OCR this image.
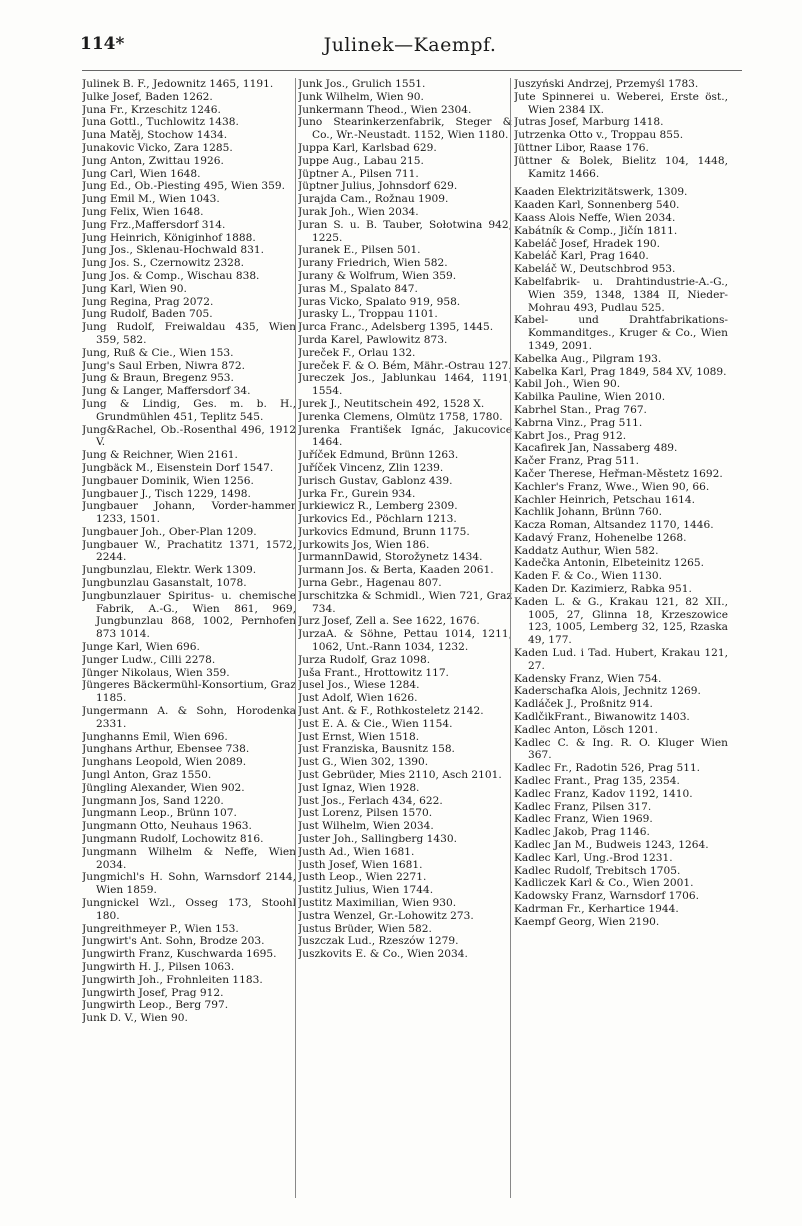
114*	Julinek—Kaempf.

Julinek B. F., Jedownitz 1465, 1191.

Julke Josef, Baden 1262.

Juna Fr., Krzeschitz 1246.

Juna Gottl., Tuchlowitz 1438.

Juna Matěj, Stochow 1434.

Junakovic Vicko, Zara 1285.

Jung Anton, Zwittau 1926.

Jung Carl, Wien 1648.

Jung Ed., Ob.-Piesting 495, Wien 359.

Jung Emil M., Wien 1043.

Jung Felix, Wien 1648.

Jung Frz.,Maffersdorf 314.

Jung Heinrich, Königinhof 1888.

Jung Jos., Sklenau-Hochwald 831.

Jung Jos. S., Czernowitz 2328.

Jung Jos. & Comp., Wischau 838.

Jung Karl, Wien 90.

Jung Regina, Prag 2072.

Jung Rudolf, Baden 705.

Jung Rudolf, Freiwaldau 435, Wien 359, 582.

Jung, Ruß & Cie., Wien 153.

Jung's Saul Erben, Niwra 872.

Jung & Braun, Bregenz 953.

Jung & Langer, Maffersdorf 34.

Jung & Lindig, Ges. m. b. H., Grundmühlen 451, Teplitz 545.

Jung&Rachel, Ob.-Rosenthal 496, 1912 V.

Jung & Reichner, Wien 2161.

Jungbäck M., Eisenstein Dorf 1547.

Jungbauer Dominik, Wien 1256.

Jungbauer J., Tisch 1229, 1498.

Jungbauer Johann, Vorder-hammer 1233, 1501.

Jungbauer Joh., Ober-Plan 1209.

Jungbauer W., Prachatitz 1371, 1572, 2244.

Jungbunzlau, Elektr. Werk 1309.

Jungbunzlau Gasanstalt, 1078.

Jungbunzlauer Spiritus- u. chemische Fabrik, A.-G., Wien 861, 969, Jungbunzlau 868, 1002, Pernhofen 873 1014.

Junge Karl, Wien 696.

Junger Ludw., Cilli 2278.

Jünger Nikolaus, Wien 359.

Jüngeres Bäckermühl-Konsortium, Graz 1185.

Jungermann A. & Sohn, Horodenka 2331.

Junghanns Emil, Wien 696.

Junghans Arthur, Ebensee 738.

Junghans Leopold, Wien 2089.

Jungl Anton, Graz 1550.

Jüngling Alexander, Wien 902.

Jungmann Jos, Sand 1220.

Jungmann Leop., Brünn 107.

Jungmann Otto, Neuhaus 1963.

Jungmann Rudolf, Lochowitz 816.

Jungmann Wilhelm & Neffe, Wien 2034.

Jungmichl's H. Sohn, Warnsdorf 2144, Wien 1859.

Jungnickel Wzl., Osseg 173, Stoohl 180.

Jungreithmeyer P., Wien 153.

Jungwirt's Ant. Sohn, Brodze 203.

Jungwirth Franz, Kuschwarda 1695.

Jungwirth H. J., Pilsen 1063.

Jungwirth Joh., Frohnleiten 1183.

Jungwirth Josef, Prag 912.

Jungwirth Leop., Berg 797.

Junk D. V., Wien 90.

Junk Jos., Grulich 1551.

Junk Wilhelm, Wien 90.

Junkermann Theod., Wien 2304.

Juno Stearinkerzenfabrik, Steger & Co., Wr.-Neustadt. 1152, Wien 1180.

Juppa Karl, Karlsbad 629.

Juppe Aug., Labau 215.

Jüptner A., Pilsen 711.

Jüptner Julius, Johnsdorf 629.

Jurajda Cam., Rožnau 1909.

Jurak Joh., Wien 2034.

Juran S. u. B. Tauber, Sołotwina 942, 1225.

Juranek E., Pilsen 501.

Jurany Friedrich, Wien 582.

Jurany & Wolfrum, Wien 359.

Juras M., Spalato 847.

Juras Vicko, Spalato 919, 958.

Jurasky L., Troppau 1101.

Jurca Franc., Adelsberg 1395, 1445.

Jurda Karel, Pawlowitz 873.

Jureček F., Orlau 132.

Jureček F. & O. Bém, Mähr.-Ostrau 127.

Jureczek Jos., Jablunkau 1464, 1191, 1554.

Jurek J., Neutitschein 492, 1528 X.

Jurenka Clemens, Olmütz 1758, 1780.

Jurenka František Ignác, Jakucovice 1464.

Juříček Edmund, Brünn 1263.

Juříček Vincenz, Zlin 1239.

Jurisch Gustav, Gablonz 439.

Jurka Fr., Gurein 934.

Jurkiewicz R., Lemberg 2309.

Jurkovics Ed., Pöchlarn 1213.

Jurkovics Edmund, Brunn 1175.

Jurkowits Jos, Wien 186.

JurmannDawid, Storožynetz 1434.

Jurmann Jos. & Berta, Kaaden 2061.

Jurna Gebr., Hagenau 807.

Jurschitzka & Schmidl., Wien 721, Graz 734.

Jurz Josef, Zell a. See 1622, 1676.

JurzaA. & Söhne, Pettau 1014, 1211, 1062, Unt.-Rann 1034, 1232.

Jurza Rudolf, Graz 1098.

Juša Frant., Hrottowitz 117.

Jusel Jos., Wiese 1284.

Just Adolf, Wien 1626.

Just Ant. & F., Rothkosteletz 2142.

Just E. A. & Cie., Wien 1154.

Just Ernst, Wien 1518.

Just Franziska, Bausnitz 158.

Just G., Wien 302, 1390.

Just Gebrüder, Mies 2110, Asch 2101.

Just Ignaz, Wien 1928.

Just Jos., Ferlach 434, 622.

Just Lorenz, Pilsen 1570.

Just Wilhelm, Wien 2034.

Juster Joh., Sallingberg 1430.

Justh Ad., Wien 1681.

Justh Josef, Wien 1681.

Justh Leop., Wien 2271.

Justitz Julius, Wien 1744.

Justitz Maximilian, Wien 930.

Justra Wenzel, Gr.-Lohowitz 273.

Justus Brüder, Wien 582.

Juszczak Lud., Rzeszów 1279.

Juszkovits E. & Co., Wien 2034.

Juszyński Andrzej, Przemyśl 1783.

Jute Spinnerei u. Weberei, Erste öst., Wien 2384 IX.

Jutras Josef, Marburg 1418.

Jutrzenka Otto v., Troppau 855.

Jüttner Libor, Raase 176.

Jüttner & Bolek, Bielitz 104, 1448, Kamitz 1466.

Kaaden Elektrizitätswerk, 1309.

Kaaden Karl, Sonnenberg 540.

Kaass Alois Neffe, Wien 2034.

Kabátník & Comp., Jičín 1811.

Kabeláč Josef, Hradek 190.

Kabeláč Karl, Prag 1640.

Kabeláč W., Deutschbrod 953.

Kabelfabrik- u. Drahtindustrie-A.-G., Wien 359, 1348, 1384 II, Nieder-Mohrau 493, Pudlau 525.

Kabel- und Drahtfabrikations-Kommanditges., Kruger & Co., Wien 1349, 2091.

Kabelka Aug., Pilgram 193.

Kabelka Karl, Prag 1849, 584 XV, 1089.

Kabil Joh., Wien 90.

Kabilka Pauline, Wien 2010.

Kabrhel Stan., Prag 767.

Kabrna Vinz., Prag 511.

Kabrt Jos., Prag 912.

Kacafirek Jan, Nassaberg 489.

Kačer Franz, Prag 511.

Kačer Therese, Heřman-Městetz 1692.

Kachler's Franz, Wwe., Wien 90, 66.

Kachler Heinrich, Petschau 1614.

Kachlik Johann, Brünn 760.

Kacza Roman, Altsandez 1170, 1446.

Kadavý Franz, Hohenelbe 1268.

Kaddatz Authur, Wien 582.

Kadečka Antonin, Elbeteinitz 1265.

Kaden F. & Co., Wien 1130.

Kaden Dr. Kazimierz, Rabka 951.

Kaden L. & G., Krakau 121, 82 XII., 1005, 27, Glinna 18, Krzeszowice 123, 1005, Lemberg 32, 125, Rzaska 49, 177.

Kaden Lud. i Tad. Hubert, Krakau 121, 27.

Kadensky Franz, Wien 754.

Kaderschafka Alois, Jechnitz 1269.

Kadláček J., Proßnitz 914.

KadlčikFrant., Biwanowitz 1403.

Kadlec Anton, Lösch 1201.

Kadlec C. & Ing. R. O. Kluger Wien 367.

Kadlec Fr., Radotin 526, Prag 511.

Kadlec Frant., Prag 135, 2354.

Kadlec Franz, Kadov 1192, 1410.

Kadlec Franz, Pilsen 317.

Kadlec Franz, Wien 1969.

Kadlec Jakob, Prag 1146.

Kadlec Jan M., Budweis 1243, 1264.

Kadlec Karl, Ung.-Brod 1231.

Kadlec Rudolf, Trebitsch 1705.

Kadliczek Karl & Co., Wien 2001.

Kadowsky Franz, Warnsdorf 1706.

Kadrman Fr., Kerhartice 1944.

Kaempf Georg, Wien 2190.
